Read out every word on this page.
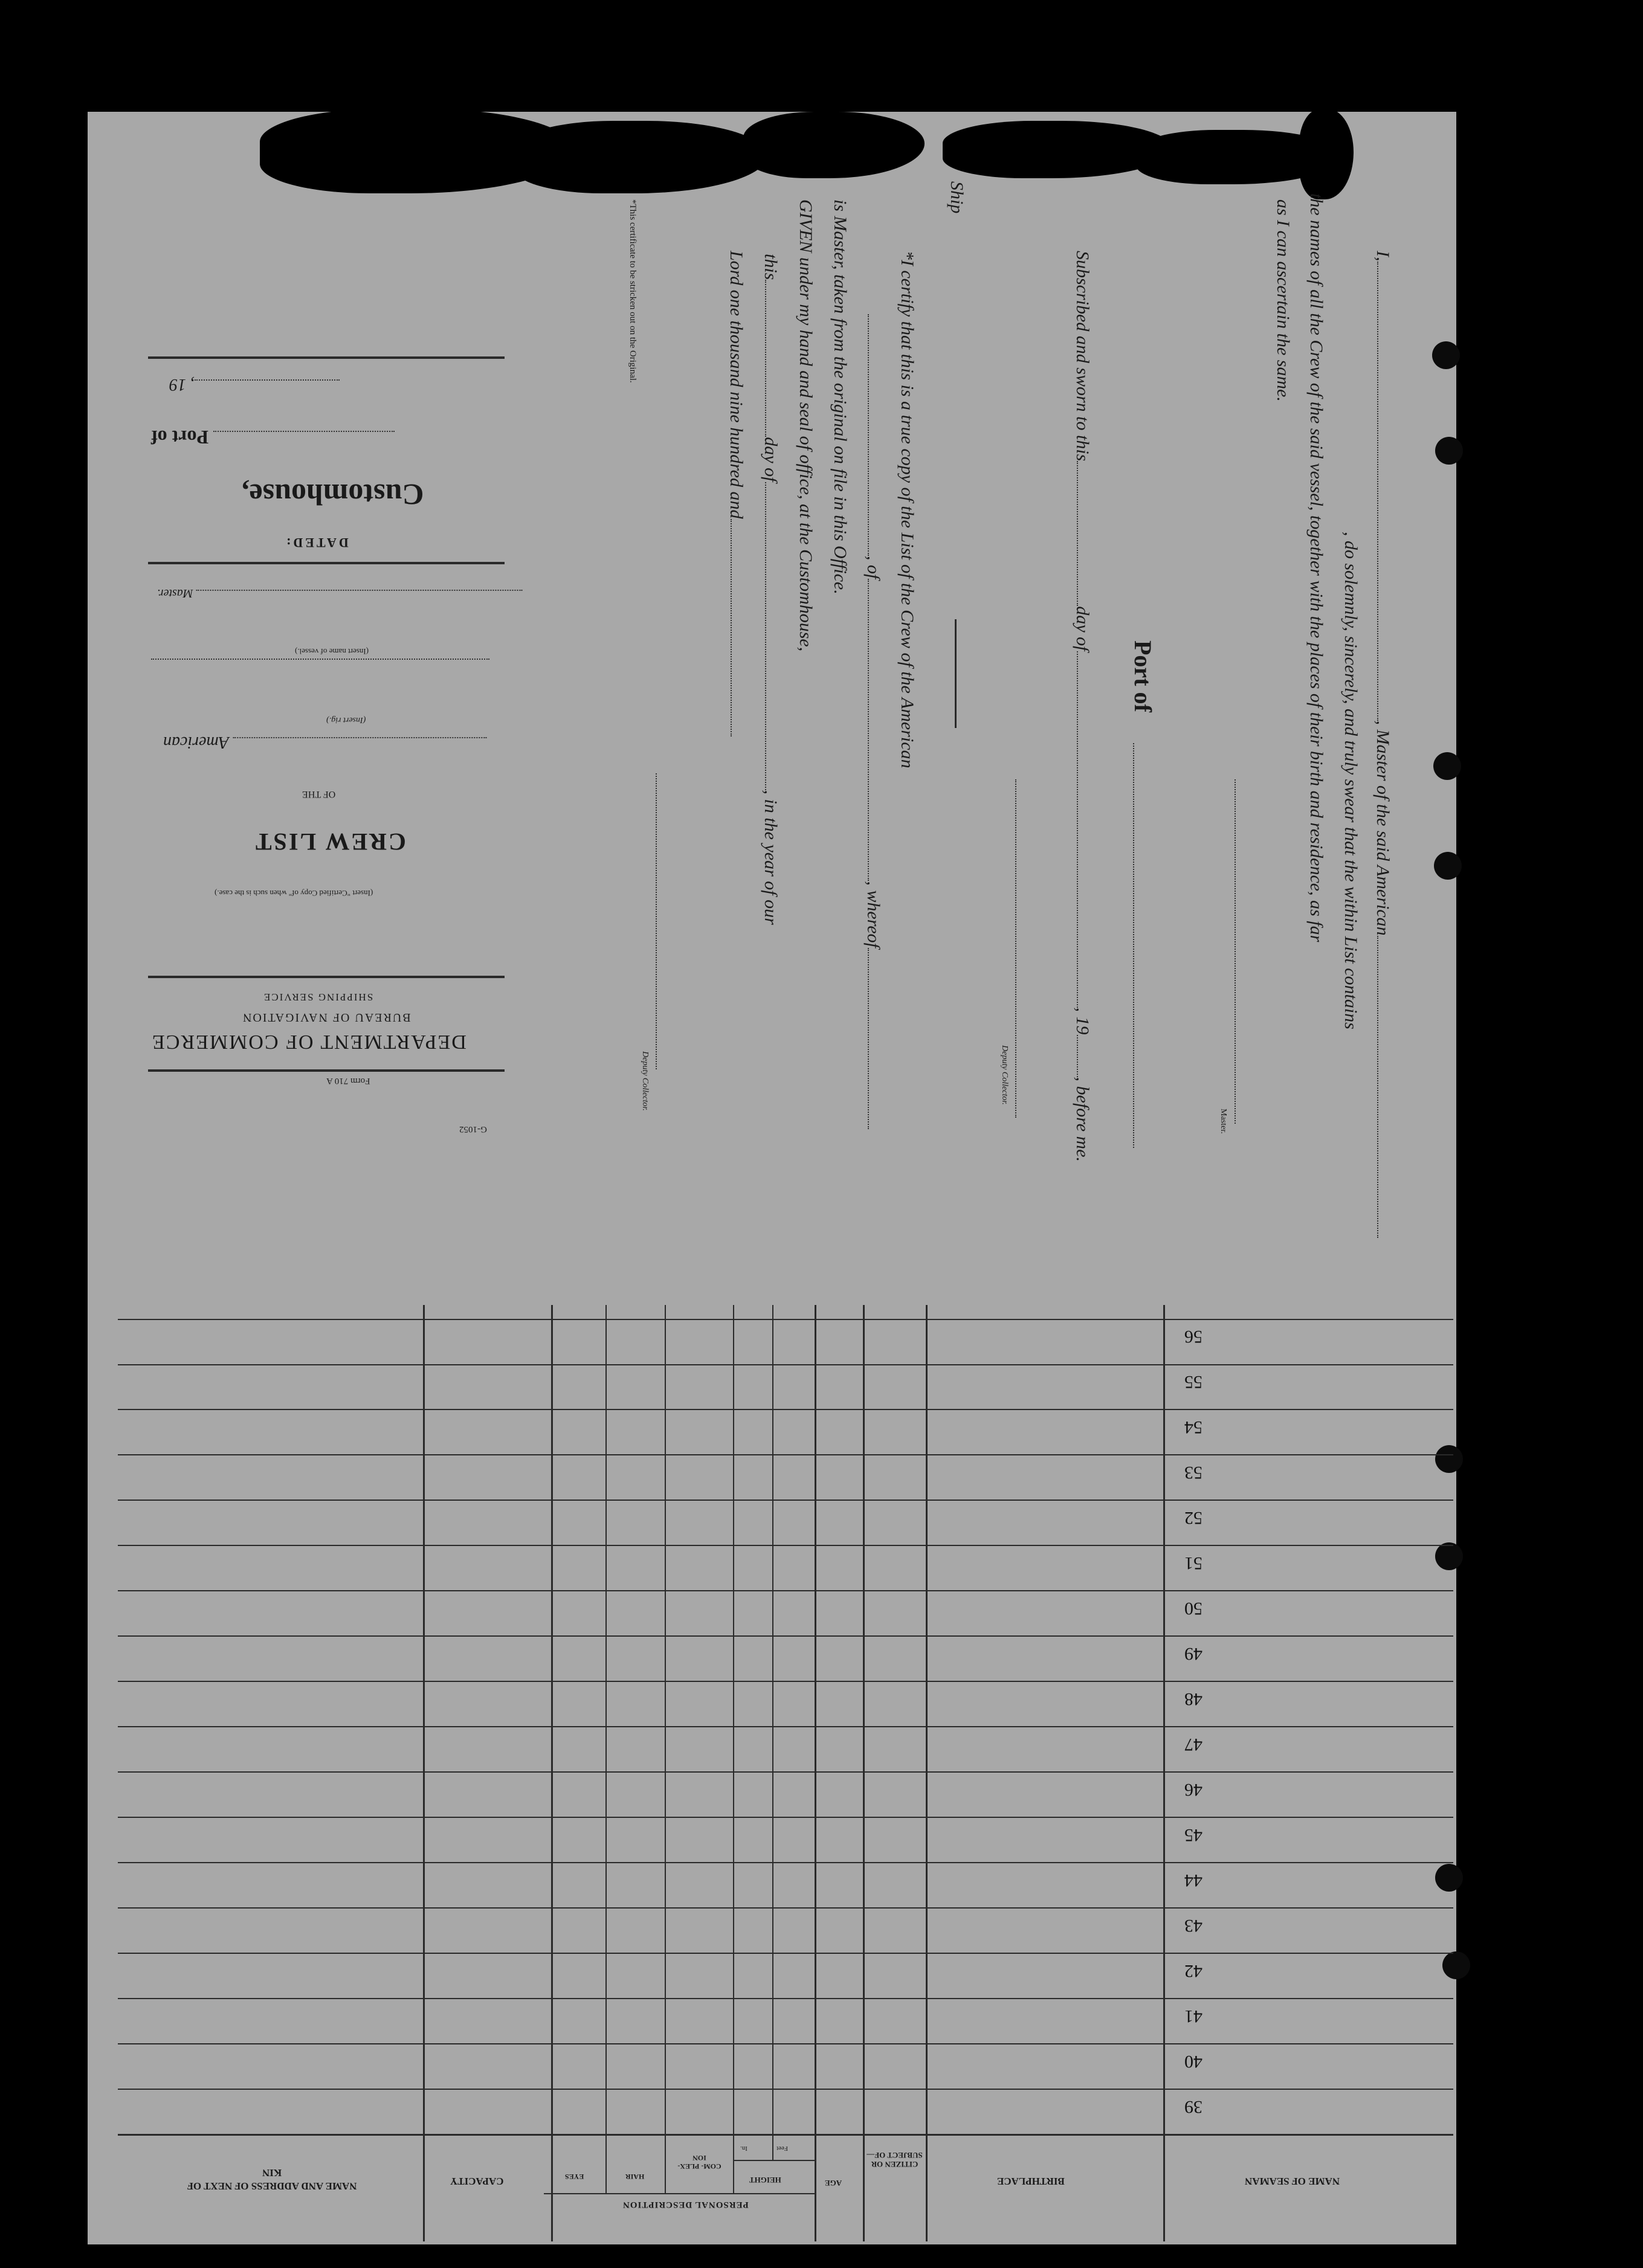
I,, Master of the said American
, do solemnly, sincerely, and truly swear that the within List contains
the names of all the Crew of the said vessel, together with the places of their birth and residence, as far
as I can ascertain the same.
Master.
Port of
Subscribed and sworn to thisday of, 19, before me.
Deputy Collector.
*I certify that this is a true copy of the List of the Crew of the American
, of, whereof
is Master, taken from the original on file in this Office.
GIVEN under my hand and seal of office, at the Customhouse,
thisday of, in the year of our
Lord one thousand nine hundred and
Deputy Collector.
*This certificate to be stricken out on the Original.
Ship
, 19
Port of
Customhouse,
DATED:
Master.

(Insert name of vessel.)
American
(Insert rig.)
OF THE
CREW LIST
(Insert "Certified Copy of" when such is the case.)
SHIPPING SERVICE
BUREAU OF NAVIGATION
DEPARTMENT OF COMMERCE
Form 710 A
G-1052
39
40
41
42
43
44
45
46
47
48
49
50
51
52
53
54
55
56
NAME OF SEAMAN
BIRTHPLACE
CITIZEN OR SUBJECT OF—
AGE
PERSONAL DESCRIPTION
HEIGHT
Feet
In.
COM- PLEX- ION
HAIR
EYES
CAPACITY
NAME AND ADDRESS OF NEXT OF KIN
